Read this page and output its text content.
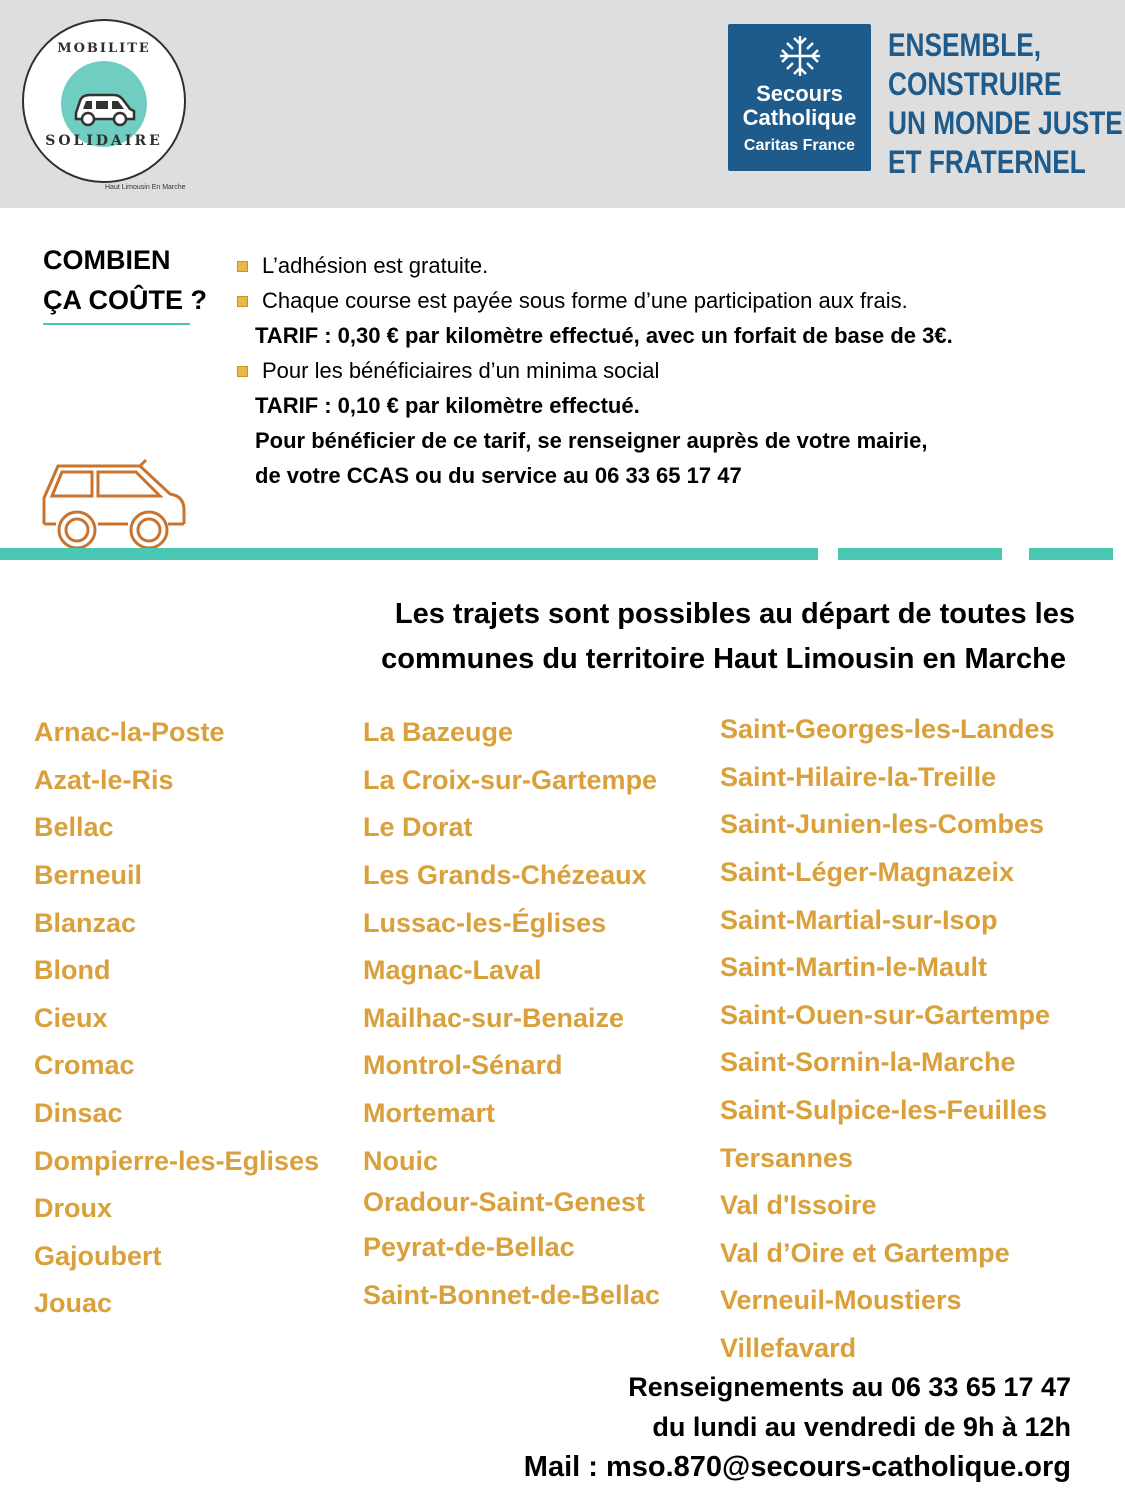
MOBILITE
SOLIDAIRE
Haut Limousin En Marche
Secours
Catholique
Caritas France
ENSEMBLE,
CONSTRUIRE
UN MONDE JUSTE
ET FRATERNEL
COMBIEN
ÇA COÛTE ?
L’adhésion est gratuite.
Chaque course est payée sous forme d’une participation aux frais.
TARIF : 0,30 € par kilomètre effectué, avec un forfait de base de 3€.
Pour les bénéficiaires d’un minima social
TARIF : 0,10 € par kilomètre effectué.
Pour bénéficier de ce tarif, se renseigner auprès de votre mairie,
de votre CCAS ou du service au 06 33 65 17 47
Les trajets sont possibles au départ de toutes les
communes du territoire Haut Limousin en Marche
Arnac-la-Poste
Azat-le-Ris
Bellac
Berneuil
Blanzac
Blond
Cieux
Cromac
Dinsac
Dompierre-les-Eglises
Droux
Gajoubert
Jouac
La Bazeuge
La Croix-sur-Gartempe
Le Dorat
Les Grands-Chézeaux
Lussac-les-Églises
Magnac-Laval
Mailhac-sur-Benaize
Montrol-Sénard
Mortemart
Nouic
Oradour-Saint-Genest
Peyrat-de-Bellac
Saint-Bonnet-de-Bellac
Saint-Georges-les-Landes
Saint-Hilaire-la-Treille
Saint-Junien-les-Combes
Saint-Léger-Magnazeix
Saint-Martial-sur-Isop
Saint-Martin-le-Mault
Saint-Ouen-sur-Gartempe
Saint-Sornin-la-Marche
Saint-Sulpice-les-Feuilles
Tersannes
Val d'Issoire
Val d’Oire et Gartempe
Verneuil-Moustiers
Villefavard
Renseignements au 06 33 65 17 47
du lundi au vendredi de 9h à 12h
Mail : mso.870@secours-catholique.org
